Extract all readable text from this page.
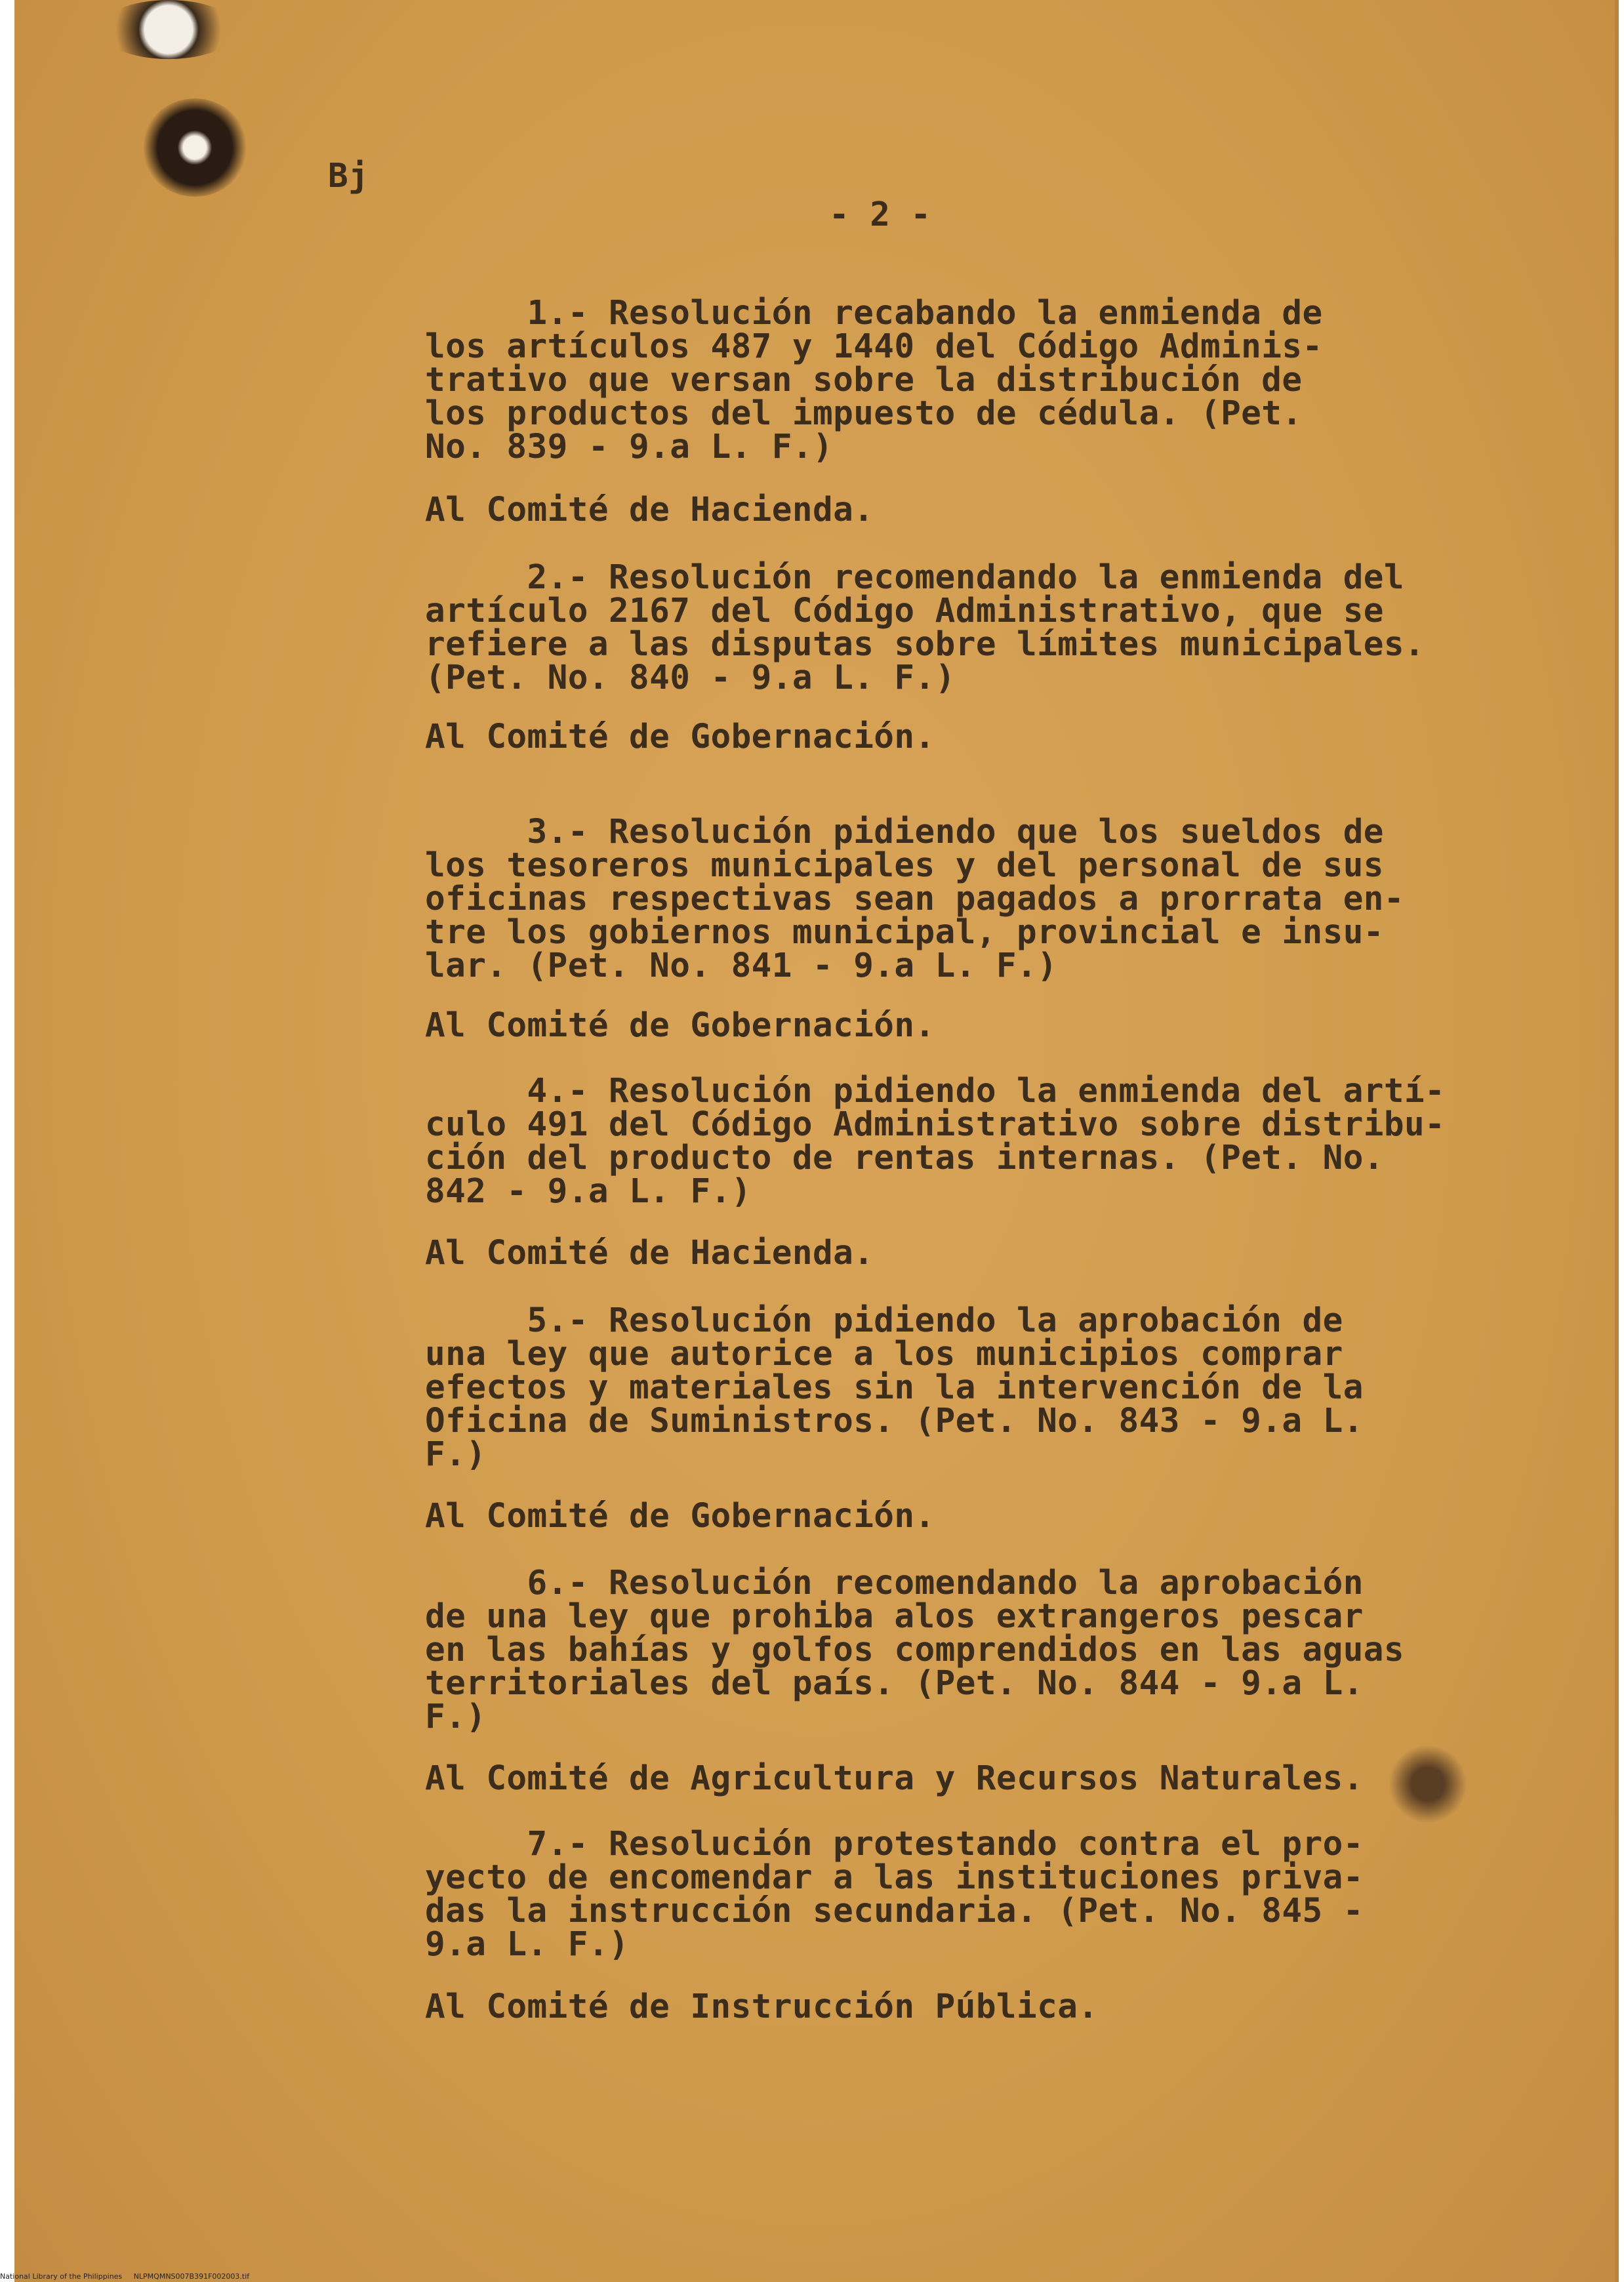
Bj
- 2 -
1.- Resolución recabando la enmienda de
los artículos 487 y 1440 del Código Adminis-
trativo que versan sobre la distribución de
los productos del impuesto de cédula. (Pet.
No. 839 - 9.a L. F.)
Al Comité de Hacienda.
2.- Resolución recomendando la enmienda del
artículo 2167 del Código Administrativo, que se
refiere a las disputas sobre límites municipales.
(Pet. No. 840 - 9.a L. F.)
Al Comité de Gobernación.
3.- Resolución pidiendo que los sueldos de
los tesoreros municipales y del personal de sus
oficinas respectivas sean pagados a prorrata en-
tre los gobiernos municipal, provincial e insu-
lar. (Pet. No. 841 - 9.a L. F.)
Al Comité de Gobernación.
4.- Resolución pidiendo la enmienda del artí-
culo 491 del Código Administrativo sobre distribu-
ción del producto de rentas internas. (Pet. No.
842 - 9.a L. F.)
Al Comité de Hacienda.
5.- Resolución pidiendo la aprobación de
una ley que autorice a los municipios comprar
efectos y materiales sin la intervención de la
Oficina de Suministros. (Pet. No. 843 - 9.a L.
F.)
Al Comité de Gobernación.
6.- Resolución recomendando la aprobación
de una ley que prohiba alos extrangeros pescar
en las bahías y golfos comprendidos en las aguas
territoriales del país. (Pet. No. 844 - 9.a L.
F.)
Al Comité de Agricultura y Recursos Naturales.
7.- Resolución protestando contra el pro-
yecto de encomendar a las instituciones priva-
das la instrucción secundaria. (Pet. No. 845 -
9.a L. F.)
Al Comité de Instrucción Pública.
National Library of the Philippines     NLPMQMNS007B391F002003.tif
